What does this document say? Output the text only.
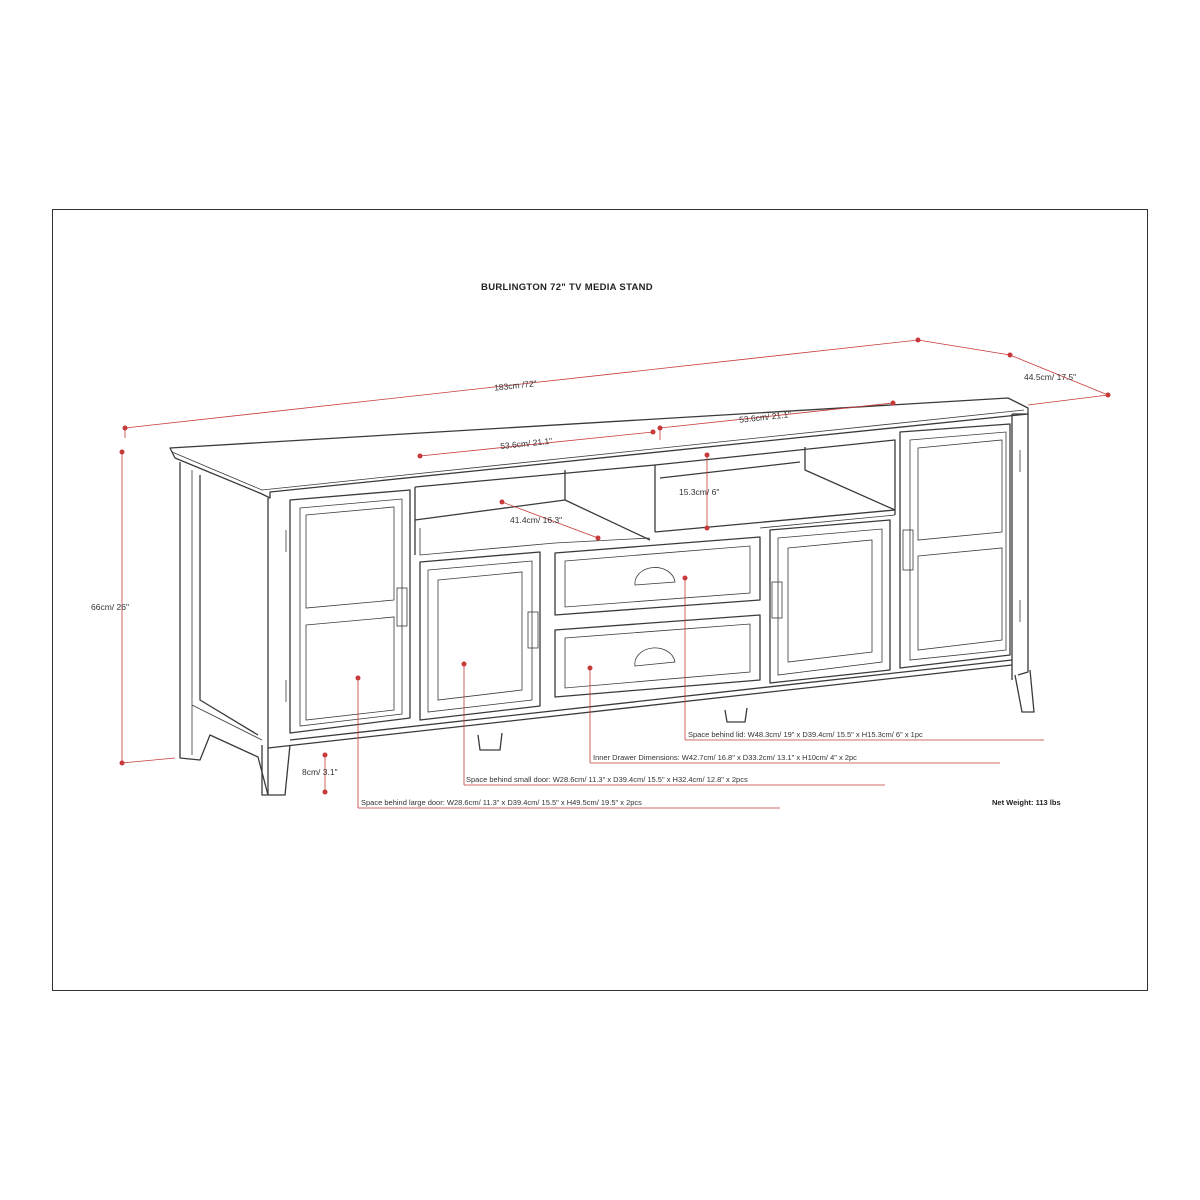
BURLINGTON 72" TV MEDIA STAND
183cm /72"
44.5cm/ 17.5"
66cm/ 26"
8cm/ 3.1"
53.6cm/ 21.1"
53.6cm/ 21.1"
15.3cm/ 6"
41.4cm/ 16.3"
Space behind lid: W48.3cm/ 19" x D39.4cm/ 15.5" x H15.3cm/ 6" x 1pc
Inner Drawer Dimensions: W42.7cm/ 16.8" x D33.2cm/ 13.1" x H10cm/ 4" x 2pc
Space behind small door: W28.6cm/ 11.3" x D39.4cm/ 15.5" x H32.4cm/ 12.8" x 2pcs
Space behind large door: W28.6cm/ 11.3" x D39.4cm/ 15.5" x H49.5cm/ 19.5" x 2pcs	Net Weight: 113 lbs
